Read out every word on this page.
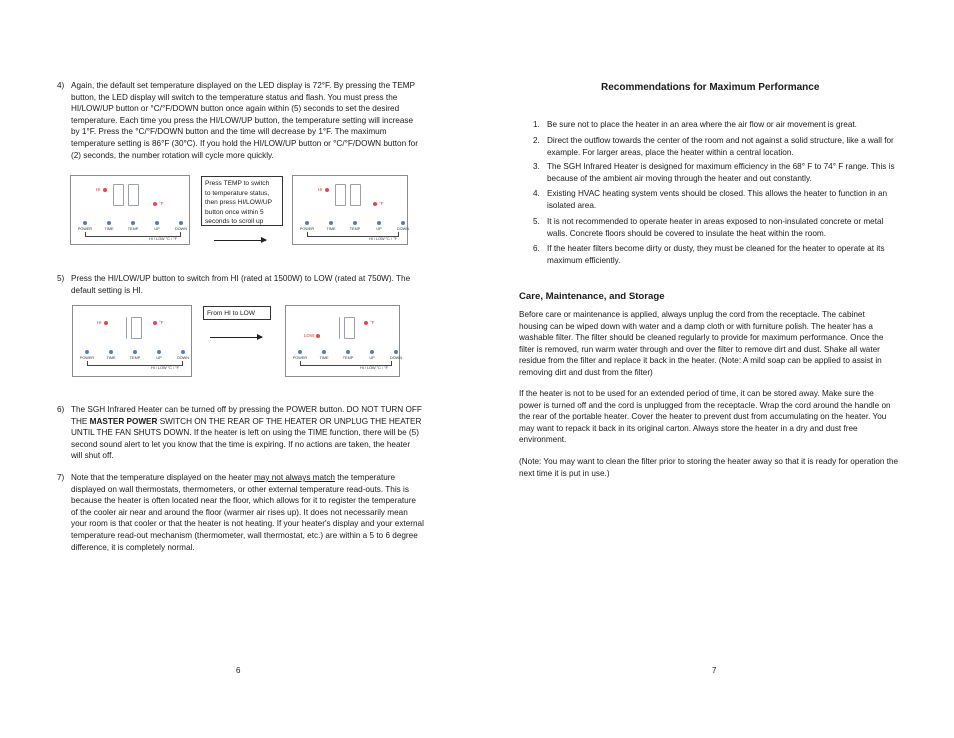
4) Again, the default set temperature displayed on the LED display is 72°F. By pressing the TEMP
button, the LED display will switch to the temperature status and flash. You must press the
HI/LOW/UP button or °C/°F/DOWN button once again within (5) seconds to set the desired
temperature. Each time you press the HI/LOW/UP button, the temperature setting will increase
by 1°F. Press the °C/°F/DOWN button and the time will decrease by 1°F. The maximum
temperature setting is 86°F (30°C). If you hold the HI/LOW/UP button or °C/°F/DOWN button for
(2) seconds, the number rotation will cycle more quickly.
HI
°F
POWER	TIME	TEMP	UP	DOWN
HI / LOW °C / °F
Press TEMP to switch
to temperature status,
then press HI/LOW/UP
button once within 5
seconds to scroll up
HI
°F
POWER	TIME	TEMP	UP	DOWN
HI / LOW °C / °F
5) Press the HI/LOW/UP button to switch from HI (rated at 1500W) to LOW (rated at 750W). The
default setting is HI.
HI	°F
POWER	TIME	TEMP	UP	DOWN
HI / LOW °C / °F
From HI to LOW
LOW
°F
POWER	TIME	TEMP	UP	DOWN
HI / LOW °C / °F
6) The SGH Infrared Heater can be turned off by pressing the POWER button. DO NOT TURN OFF
THE MASTER POWER SWITCH ON THE REAR OF THE HEATER OR UNPLUG THE HEATER
UNTIL THE FAN SHUTS DOWN. If the heater is left on using the TIME function, there will be (5)
second sound alert to let you know that the time is expiring. If no actions are taken, the heater
will shut off.
7) Note that the temperature displayed on the heater may not always match the temperature
displayed on wall thermostats, thermometers, or other external temperature read-outs. This is
because the heater is often located near the floor, which allows for it to register the temperature
of the cooler air near and around the floor (warmer air rises up). It does not necessarily mean
your room is that cooler or that the heater is not heating. If your heater's display and your external
temperature read-out mechanism (thermometer, wall thermostat, etc.) are within a 5 to 6 degree
difference, it is completely normal.
6
Recommendations for Maximum Performance
1. Be sure not to place the heater in an area where the air flow or air movement is great.
2. Direct the outflow towards the center of the room and not against a solid structure, like a wall for
example. For larger areas, place the heater within a central location.
3. The SGH Infrared Heater is designed for maximum efficiency in the 68° F to 74° F range. This is
because of the ambient air moving through the heater and out constantly.
4. Existing HVAC heating system vents should be closed. This allows the heater to function in an
isolated area.
5. It is not recommended to operate heater in areas exposed to non-insulated concrete or metal
walls. Concrete floors should be covered to insulate the heat within the room.
6. If the heater filters become dirty or dusty, they must be cleaned for the heater to operate at its
maximum efficiently.
Care, Maintenance, and Storage
Before care or maintenance is applied, always unplug the cord from the receptacle. The cabinet
housing can be wiped down with water and a damp cloth or with furniture polish. The heater has a
washable filter. The filter should be cleaned regularly to provide for maximum performance. Once the
filter is removed, run warm water through and over the filter to remove dirt and dust. Shake all water
residue from the filter and replace it back in the heater. (Note: A mild soap can be applied to assist in
removing dirt and dust from the filter)
If the heater is not to be used for an extended period of time, it can be stored away. Make sure the
power is turned off and the cord is unplugged from the receptacle. Wrap the cord around the handle on
the rear of the portable heater. Cover the heater to prevent dust from accumulating on the heater. You
may want to repack it back in its original carton. Always store the heater in a dry and dust free
environment.
(Note: You may want to clean the filter prior to storing the heater away so that it is ready for operation the
next time it is put in use.)
7
